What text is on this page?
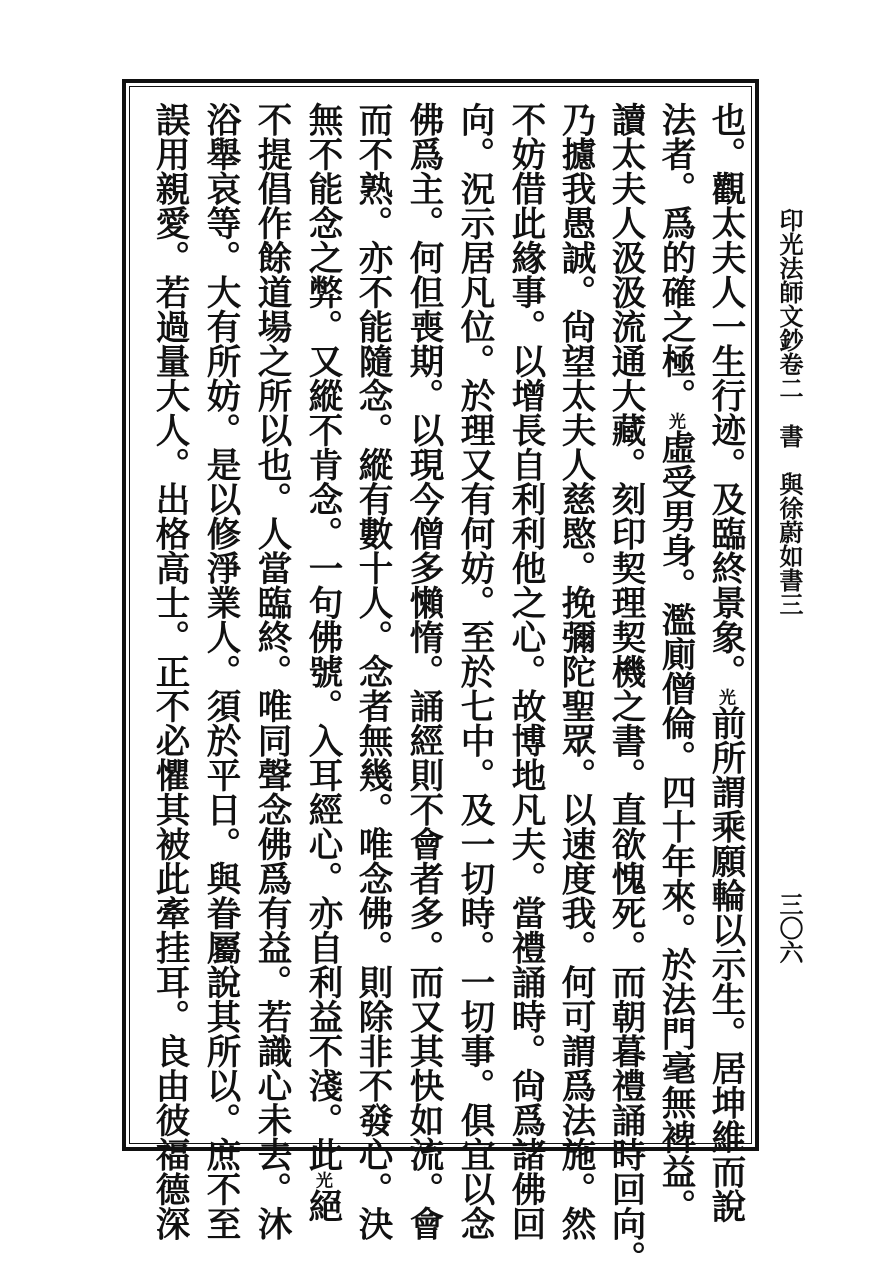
印光法師文鈔卷二書與徐蔚如書三
三〇六
也。觀太夫人一生行迹。及臨終景象。光前所謂乘願輪以示生。居坤維而說
法者。爲的確之極。光虛受男身。濫廁僧倫。四十年來。於法門毫無裨益。
讀太夫人汲汲流通大藏。刻印契理契機之書。直欲愧死。而朝暮禮誦時回向。
乃攄我愚誠。尙望太夫人慈愍。挽彌陀聖眾。以速度我。何可謂爲法施。然
不妨借此緣事。以增長自利利他之心。故博地凡夫。當禮誦時。尙爲諸佛回
向。況示居凡位。於理又有何妨。至於七中。及一切時。一切事。俱宜以念
佛爲主。何但喪期。以現今僧多懶惰。誦經則不會者多。而又其快如流。會
而不熟。亦不能隨念。縱有數十人。念者無幾。唯念佛。則除非不發心。決
無不能念之弊。又縱不肯念。一句佛號。入耳經心。亦自利益不淺。此光絕
不提倡作餘道場之所以也。人當臨終。唯同聲念佛爲有益。若識心未去。沐
浴舉哀等。大有所妨。是以修淨業人。須於平日。與眷屬說其所以。庶不至
誤用親愛。若過量大人。出格高士。正不必懼其被此牽挂耳。良由彼福德深
